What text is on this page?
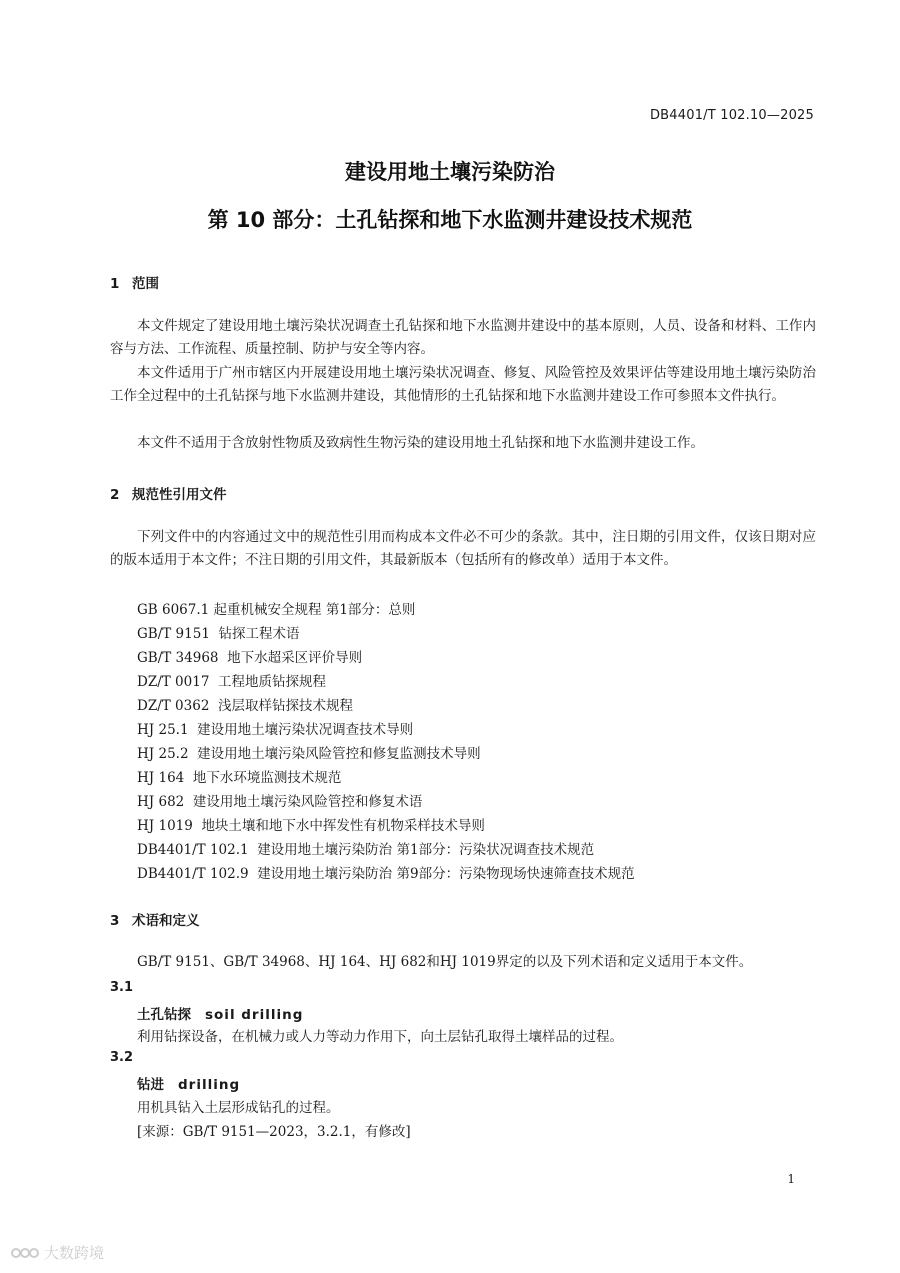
DB4401/T 102.10—2025
建设用地土壤污染防治
第 10 部分：土孔钻探和地下水监测井建设技术规范
1 范围
本文件规定了建设用地土壤污染状况调查土孔钻探和地下水监测井建设中的基本原则，人员、设备和材料、工作内容与方法、工作流程、质量控制、防护与安全等内容。
本文件适用于广州市辖区内开展建设用地土壤污染状况调查、修复、风险管控及效果评估等建设用地土壤污染防治工作全过程中的土孔钻探与地下水监测井建设，其他情形的土孔钻探和地下水监测井建设工作可参照本文件执行。
本文件不适用于含放射性物质及致病性生物污染的建设用地土孔钻探和地下水监测井建设工作。
2 规范性引用文件
下列文件中的内容通过文中的规范性引用而构成本文件必不可少的条款。其中，注日期的引用文件，仅该日期对应的版本适用于本文件；不注日期的引用文件，其最新版本（包括所有的修改单）适用于本文件。
GB 6067.1 起重机械安全规程 第1部分：总则
GB/T 9151 钻探工程术语
GB/T 34968 地下水超采区评价导则
DZ/T 0017 工程地质钻探规程
DZ/T 0362 浅层取样钻探技术规程
HJ 25.1 建设用地土壤污染状况调查技术导则
HJ 25.2 建设用地土壤污染风险管控和修复监测技术导则
HJ 164 地下水环境监测技术规范
HJ 682 建设用地土壤污染风险管控和修复术语
HJ 1019 地块土壤和地下水中挥发性有机物采样技术导则
DB4401/T 102.1 建设用地土壤污染防治 第1部分：污染状况调查技术规范
DB4401/T 102.9 建设用地土壤污染防治 第9部分：污染物现场快速筛查技术规范
3 术语和定义
GB/T 9151、GB/T 34968、HJ 164、HJ 682和HJ 1019界定的以及下列术语和定义适用于本文件。
3.1
土孔钻探 soil drilling
利用钻探设备，在机械力或人力等动力作用下，向土层钻孔取得土壤样品的过程。
3.2
钻进 drilling
用机具钻入土层形成钻孔的过程。
[来源：GB/T 9151—2023，3.2.1，有修改]
1
大数跨境
